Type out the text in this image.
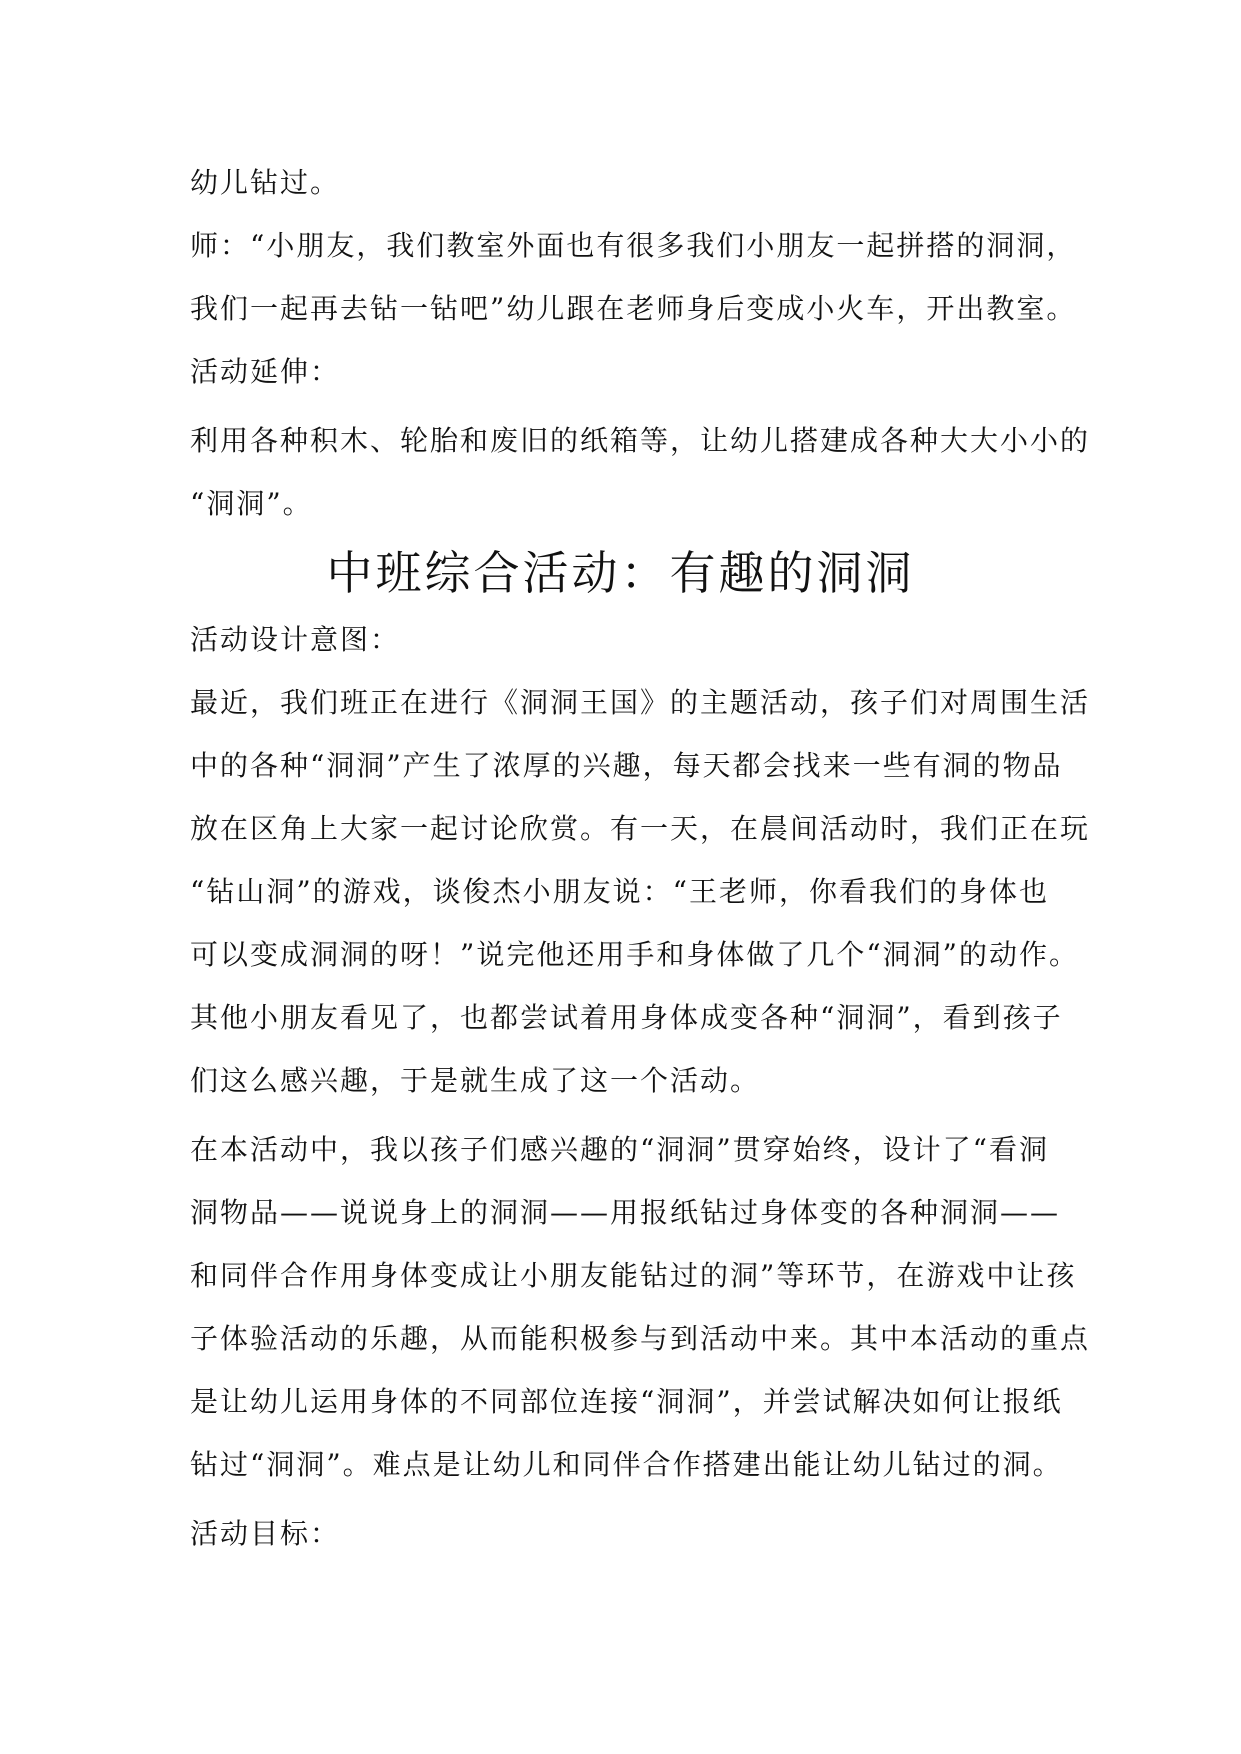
幼儿钻过。
师：“小朋友，我们教室外面也有很多我们小朋友一起拼搭的洞洞，
我们一起再去钻一钻吧”幼儿跟在老师身后变成小火车，开出教室。
活动延伸：
利用各种积木、轮胎和废旧的纸箱等，让幼儿搭建成各种大大小小的
“洞洞”。
中班综合活动：有趣的洞洞
活动设计意图：
最近，我们班正在进行《洞洞王国》的主题活动，孩子们对周围生活
中的各种“洞洞”产生了浓厚的兴趣，每天都会找来一些有洞的物品
放在区角上大家一起讨论欣赏。有一天，在晨间活动时，我们正在玩
“钻山洞”的游戏，谈俊杰小朋友说：“王老师，你看我们的身体也
可以变成洞洞的呀！”说完他还用手和身体做了几个“洞洞”的动作。
其他小朋友看见了，也都尝试着用身体成变各种“洞洞”，看到孩子
们这么感兴趣，于是就生成了这一个活动。
在本活动中，我以孩子们感兴趣的“洞洞”贯穿始终，设计了“看洞
洞物品——说说身上的洞洞——用报纸钻过身体变的各种洞洞——
和同伴合作用身体变成让小朋友能钻过的洞”等环节，在游戏中让孩
子体验活动的乐趣，从而能积极参与到活动中来。其中本活动的重点
是让幼儿运用身体的不同部位连接“洞洞”，并尝试解决如何让报纸
钻过“洞洞”。难点是让幼儿和同伴合作搭建出能让幼儿钻过的洞。
活动目标：
